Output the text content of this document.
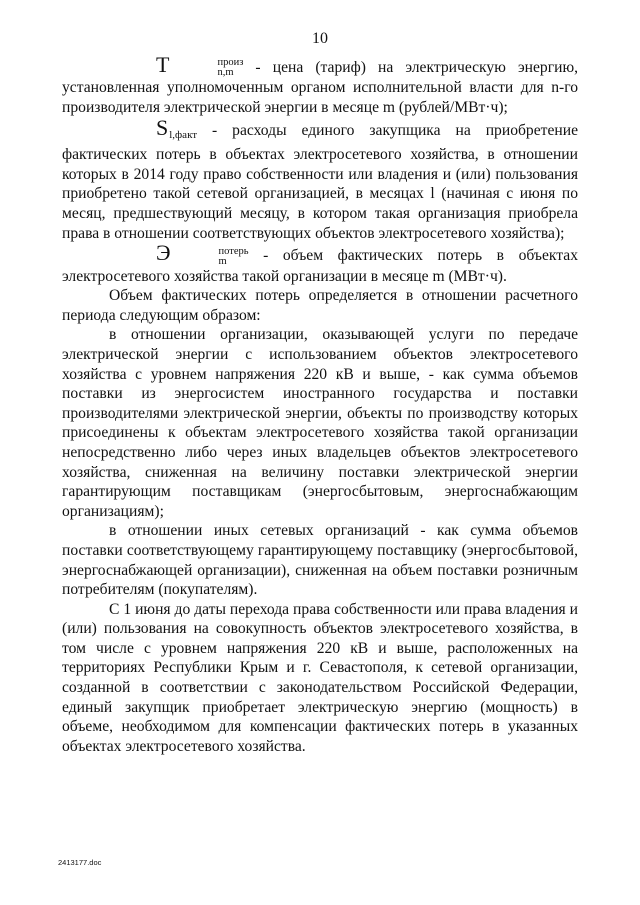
10

T	произ
n,m - цена (тариф) на электрическую энергию, установленная уполномоченным органом исполнительной власти для n-го производителя электрической энергии в месяце m (рублей/МВт·ч);

Sl,факт - расходы единого закупщика на приобретение фактических потерь в объектах электросетевого хозяйства, в отношении которых в 2014 году право собственности или владения и (или) пользования приобретено такой сетевой организацией, в месяцах l (начиная с июня по месяц, предшествующий месяцу, в котором такая организация приобрела права в отношении соответствующих объектов электросетевого хозяйства);

Э	потерь
m	- объем фактических потерь в объектах электросетевого хозяйства такой организации в месяце m (МВт·ч).

Объем фактических потерь определяется в отношении расчетного периода следующим образом:

в отношении организации, оказывающей услуги по передаче электрической энергии с использованием объектов электросетевого хозяйства с уровнем напряжения 220 кВ и выше, - как сумма объемов поставки из энергосистем иностранного государства и поставки производителями электрической энергии, объекты по производству которых присоединены к объектам электросетевого хозяйства такой организации непосредственно либо через иных владельцев объектов электросетевого хозяйства, сниженная на величину поставки электрической энергии гарантирующим поставщикам (энергосбытовым, энергоснабжающим организациям);

в отношении иных сетевых организаций - как сумма объемов поставки соответствующему гарантирующему поставщику (энергосбытовой, энергоснабжающей организации), сниженная на объем поставки розничным потребителям (покупателям).

С 1 июня до даты перехода права собственности или права владения и (или) пользования на совокупность объектов электросетевого хозяйства, в том числе с уровнем напряжения 220 кВ и выше, расположенных на территориях Республики Крым и г. Севастополя, к сетевой организации, созданной в соответствии с законодательством Российской Федерации, единый закупщик приобретает электрическую энергию (мощность) в объеме, необходимом для компенсации фактических потерь в указанных объектах электросетевого хозяйства.

2413177.doc
